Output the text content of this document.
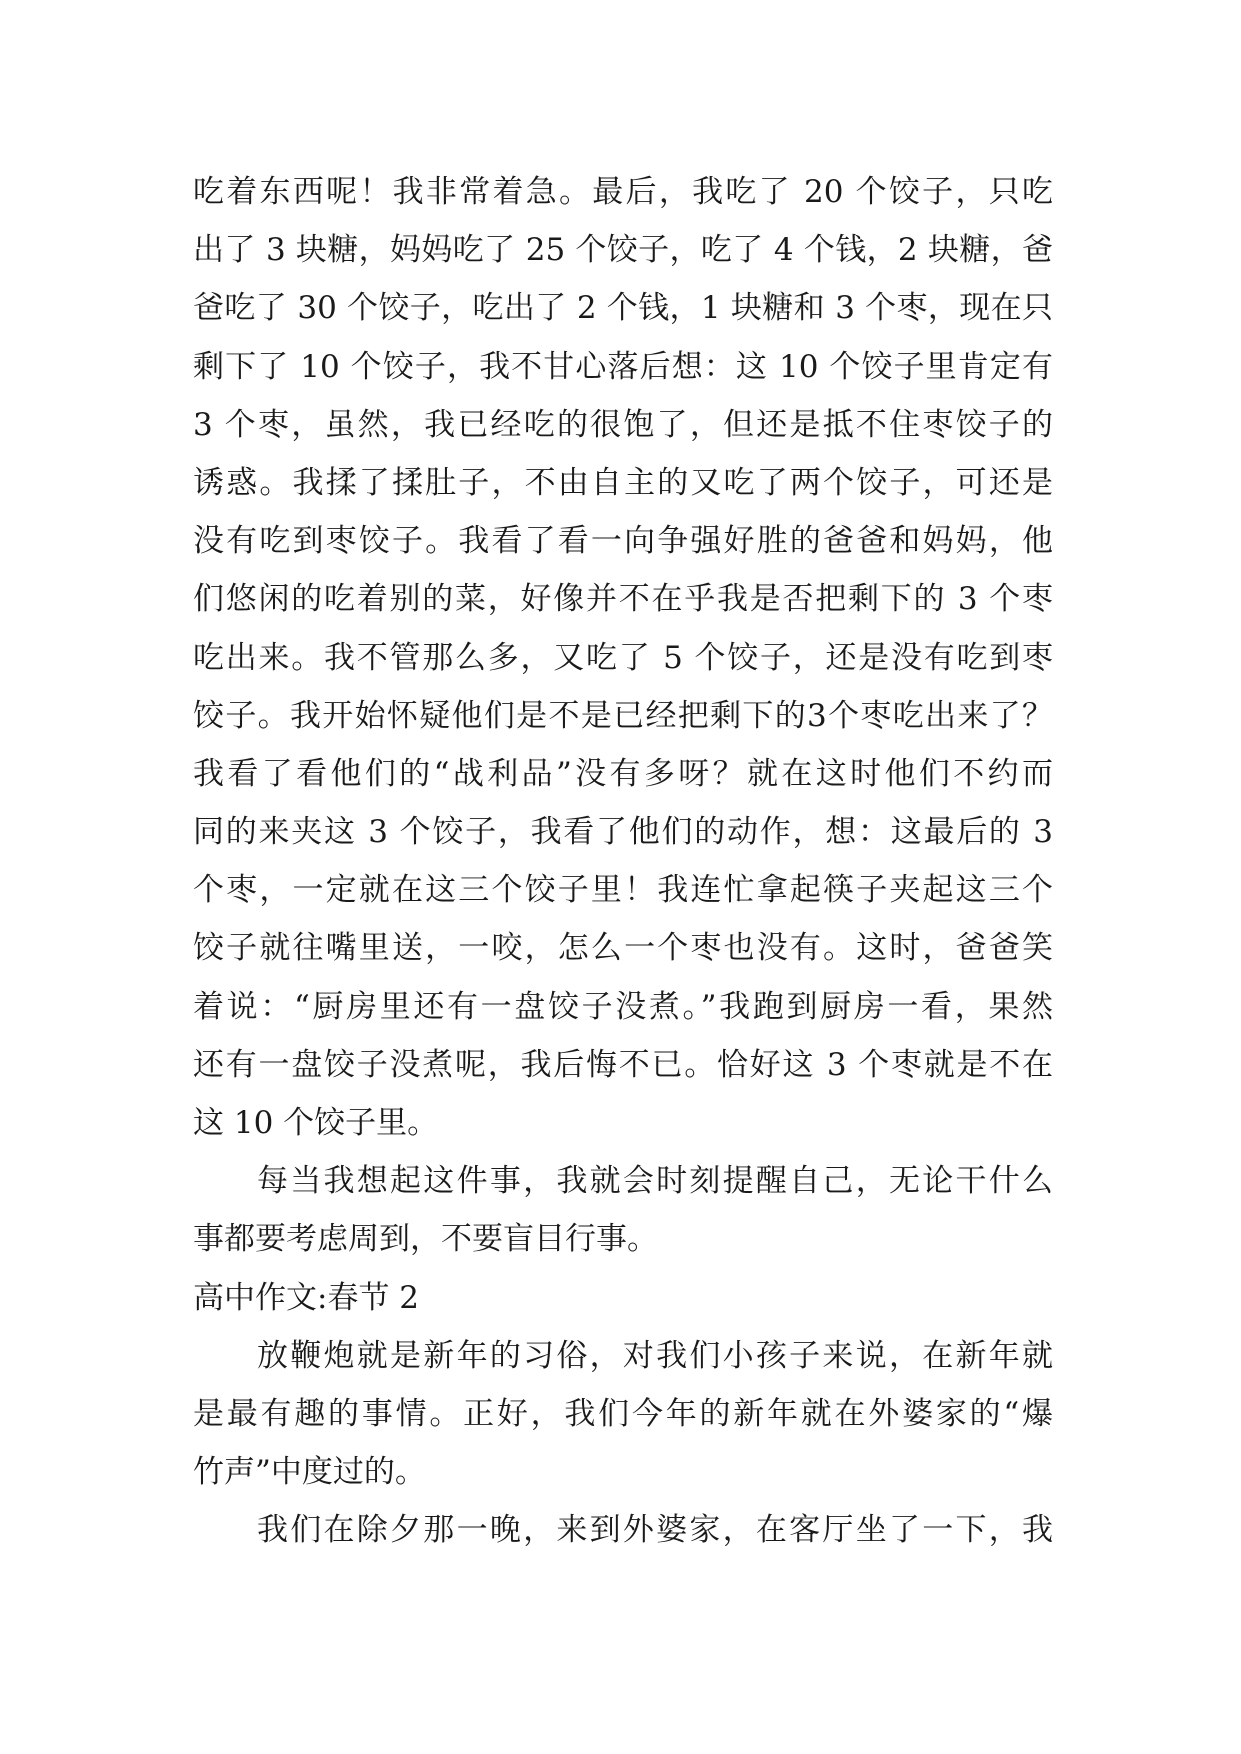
吃着东西呢！我非常着急。最后，我吃了 20 个饺子，只吃
出了 3 块糖，妈妈吃了 25 个饺子，吃了 4 个钱，2 块糖，爸
爸吃了 30 个饺子，吃出了 2 个钱，1 块糖和 3 个枣，现在只
剩下了 10 个饺子，我不甘心落后想：这 10 个饺子里肯定有
3 个枣，虽然，我已经吃的很饱了，但还是抵不住枣饺子的
诱惑。我揉了揉肚子，不由自主的又吃了两个饺子，可还是
没有吃到枣饺子。我看了看一向争强好胜的爸爸和妈妈，他
们悠闲的吃着别的菜，好像并不在乎我是否把剩下的 3 个枣
吃出来。我不管那么多，又吃了 5 个饺子，还是没有吃到枣
饺子。我开始怀疑他们是不是已经把剩下的3个枣吃出来了？
我看了看他们的“战利品”没有多呀？就在这时他们不约而
同的来夹这 3 个饺子，我看了他们的动作，想：这最后的 3
个枣，一定就在这三个饺子里！我连忙拿起筷子夹起这三个
饺子就往嘴里送，一咬，怎么一个枣也没有。这时，爸爸笑
着说：“厨房里还有一盘饺子没煮。”我跑到厨房一看，果然
还有一盘饺子没煮呢，我后悔不已。恰好这 3 个枣就是不在
这 10 个饺子里。
每当我想起这件事，我就会时刻提醒自己，无论干什么
事都要考虑周到，不要盲目行事。
高中作文:春节 2
放鞭炮就是新年的习俗，对我们小孩子来说，在新年就
是最有趣的事情。正好，我们今年的新年就在外婆家的“爆
竹声”中度过的。
我们在除夕那一晚，来到外婆家，在客厅坐了一下，我
